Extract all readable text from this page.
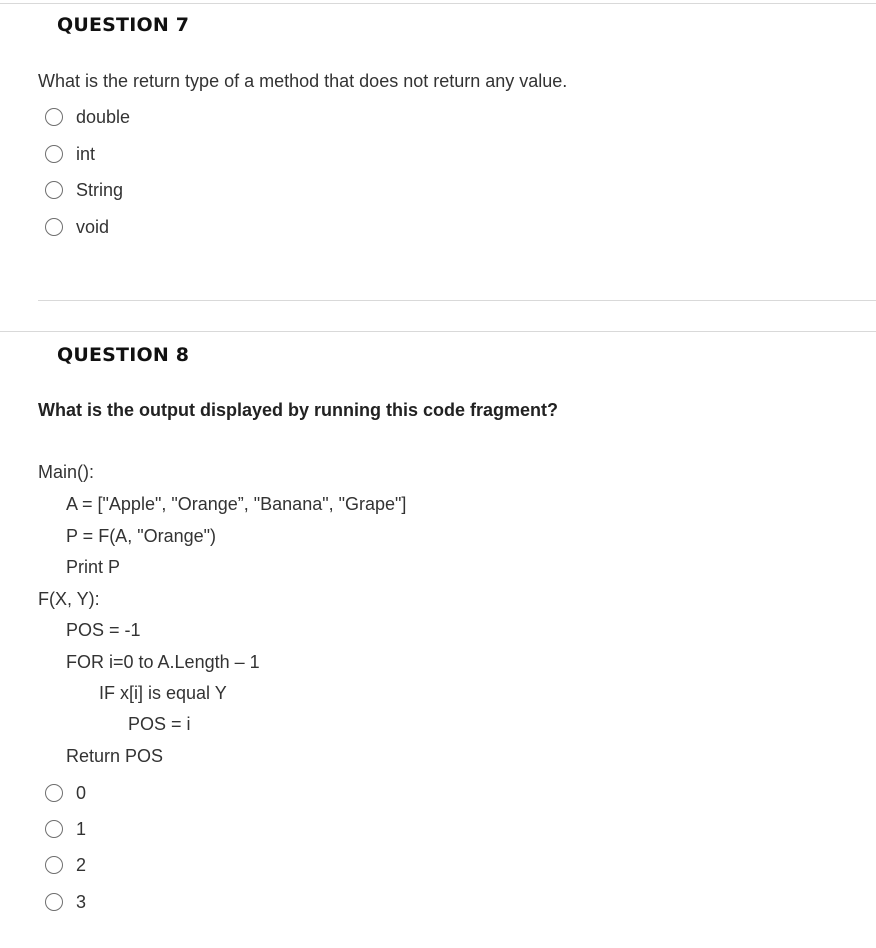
QUESTION 7
What is the return type of a method that does not return any value.
double
int
String
void
QUESTION 8
What is the output displayed by running this code fragment?
Main():
A = ["Apple", "Orange”, "Banana", "Grape"]
P = F(A, "Orange")
Print P
F(X, Y):
POS = -1
FOR i=0 to A.Length – 1
IF x[i] is equal Y
POS = i
Return POS
0
1
2
3
